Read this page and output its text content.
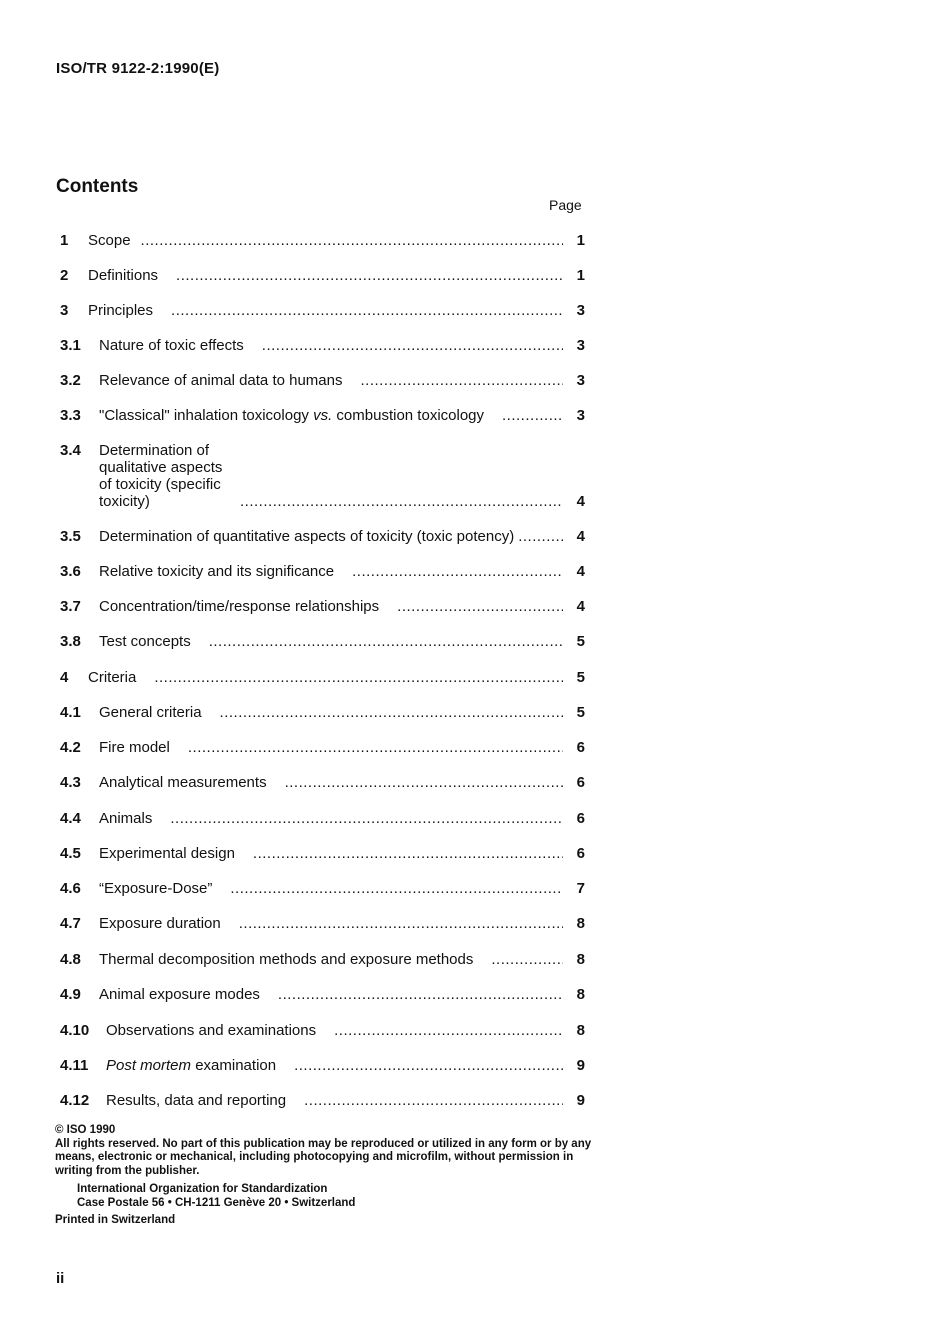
ISO/TR 9122-2:1990(E)
Contents
Page
1	Scope .....	1
2	Definitions .....	1
3	Principles .....	3
3.1	Nature of toxic effects .....	3
3.2	Relevance of animal data to humans .....	3
3.3	"Classical" inhalation toxicology vs. combustion toxicology .....	3
3.4	Determination of qualitative aspects of toxicity (specific
toxicity) .....	4
3.5	Determination of quantitative aspects of toxicity (toxic potency) .....	4
3.6	Relative toxicity and its significance .....	4
3.7	Concentration/time/response relationships .....	4
3.8	Test concepts .....	5
4	Criteria .....	5
4.1	General criteria .....	5
4.2	Fire model .....	6
4.3	Analytical measurements .....	6
4.4	Animals .....	6
4.5	Experimental design .....	6
4.6	“Exposure-Dose” .....	7
4.7	Exposure duration .....	8
4.8	Thermal decomposition methods and exposure methods .....	8
4.9	Animal exposure modes .....	8
4.10	Observations and examinations .....	8
4.11	Post mortem examination .....	9
4.12	Results, data and reporting .....	9
© ISO 1990
All rights reserved. No part of this publication may be reproduced or utilized in any form or by any means, electronic or mechanical, including photocopying and microfilm, without permission in writing from the publisher.
International Organization for Standardization
Case Postale 56 • CH-1211 Genève 20 • Switzerland
Printed in Switzerland
ii
